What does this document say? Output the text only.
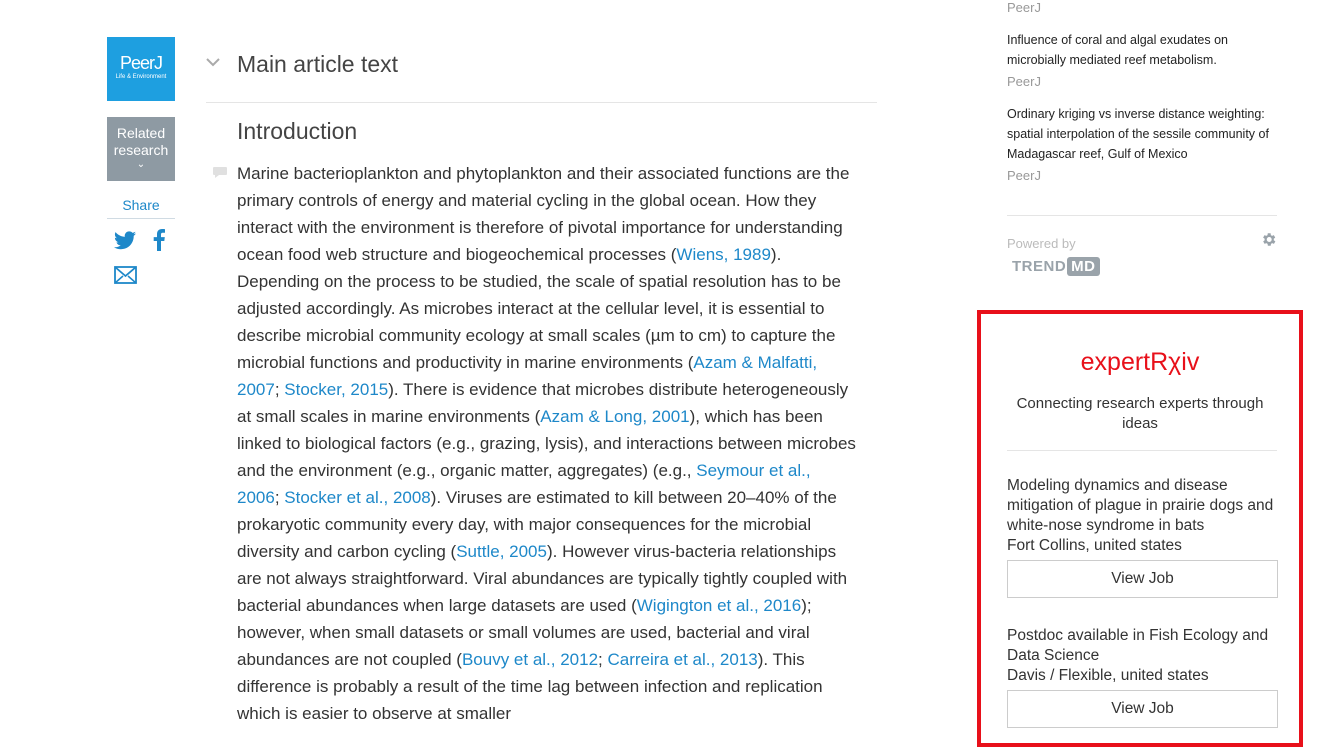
PeerJ
Life & Environment
Related research
⌄
Share
Main article text
Introduction

Marine bacterioplankton and phytoplankton and their associated functions are the primary controls of energy and material cycling in the global ocean. How they interact with the environment is therefore of pivotal importance for understanding ocean food web structure and biogeochemical processes (Wiens, 1989). Depending on the process to be studied, the scale of spatial resolution has to be adjusted accordingly. As microbes interact at the cellular level, it is essential to describe microbial community ecology at small scales (µm to cm) to capture the microbial functions and productivity in marine environments (Azam & Malfatti, 2007; Stocker, 2015). There is evidence that microbes distribute heterogeneously at small scales in marine environments (Azam & Long, 2001), which has been linked to biological factors (e.g., grazing, lysis), and interactions between microbes and the environment (e.g., organic matter, aggregates) (e.g., Seymour et al., 2006; Stocker et al., 2008). Viruses are estimated to kill between 20–40% of the prokaryotic community every day, with major consequences for the microbial diversity and carbon cycling (Suttle, 2005). However virus-bacteria relationships are not always straightforward. Viral abundances are typically tightly coupled with bacterial abundances when large datasets are used (Wigington et al., 2016); however, when small datasets or small volumes are used, bacterial and viral abundances are not coupled (Bouvy et al., 2012; Carreira et al., 2013). This difference is probably a result of the time lag between infection and replication which is easier to observe at smaller

PeerJ
Influence of coral and algal exudates on microbially mediated reef metabolism.
PeerJ
Ordinary kriging vs inverse distance weighting: spatial interpolation of the sessile community of Madagascar reef, Gulf of Mexico
PeerJ
Powered by
TREND MD
expertRχiv
Connecting research experts through ideas
Modeling dynamics and disease mitigation of plague in prairie dogs and white-nose syndrome in bats
Fort Collins, united states
View Job
Postdoc available in Fish Ecology and Data Science
Davis / Flexible, united states
View Job
